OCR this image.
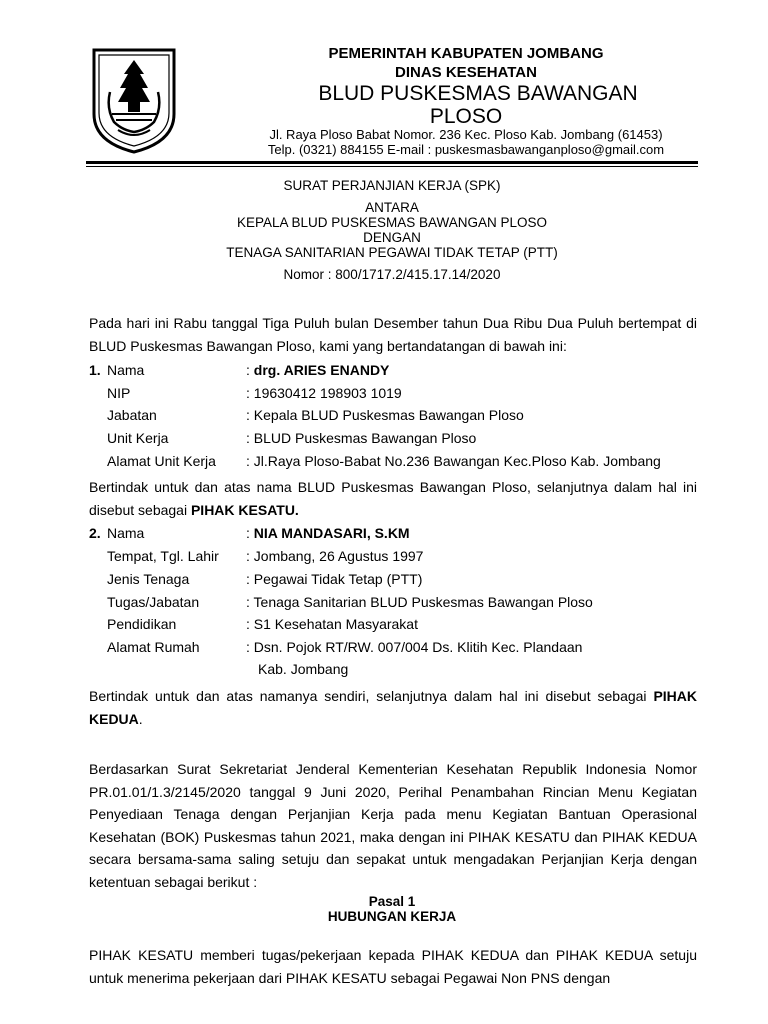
PEMERINTAH KABUPATEN JOMBANG
DINAS KESEHATAN
BLUD PUSKESMAS BAWANGAN
PLOSO
Jl. Raya Ploso Babat Nomor. 236 Kec. Ploso Kab. Jombang (61453)
Telp. (0321) 884155 E-mail : puskesmasbawanganploso@gmail.com
SURAT PERJANJIAN KERJA (SPK)
ANTARA
KEPALA BLUD PUSKESMAS BAWANGAN PLOSO
DENGAN
TENAGA SANITARIAN PEGAWAI TIDAK TETAP (PTT)
Nomor : 800/1717.2/415.17.14/2020
Pada hari ini Rabu tanggal Tiga Puluh bulan Desember tahun Dua Ribu Dua Puluh bertempat di BLUD Puskesmas Bawangan Ploso, kami yang bertandatangan di bawah ini:
1. Nama	: drg. ARIES ENANDY
NIP	: 19630412 198903 1019
Jabatan	: Kepala BLUD Puskesmas Bawangan Ploso
Unit Kerja	: BLUD Puskesmas Bawangan Ploso
Alamat Unit Kerja : Jl.Raya Ploso-Babat No.236 Bawangan Kec.Ploso Kab. Jombang
Bertindak untuk dan atas nama BLUD Puskesmas Bawangan Ploso, selanjutnya dalam hal ini disebut sebagai PIHAK KESATU.
2. Nama	: NIA MANDASARI, S.KM
Tempat, Tgl. Lahir : Jombang, 26 Agustus 1997
Jenis Tenaga	: Pegawai Tidak Tetap (PTT)
Tugas/Jabatan	: Tenaga Sanitarian BLUD Puskesmas Bawangan Ploso
Pendidikan	: S1 Kesehatan Masyarakat
Alamat Rumah	: Dsn. Pojok RT/RW. 007/004 Ds. Klitih Kec. Plandaan
Kab. Jombang
Bertindak untuk dan atas namanya sendiri, selanjutnya dalam hal ini disebut sebagai PIHAK KEDUA.
Berdasarkan Surat Sekretariat Jenderal Kementerian Kesehatan Republik Indonesia Nomor PR.01.01/1.3/2145/2020 tanggal 9 Juni 2020, Perihal Penambahan Rincian Menu Kegiatan Penyediaan Tenaga dengan Perjanjian Kerja pada menu Kegiatan Bantuan Operasional Kesehatan (BOK) Puskesmas tahun 2021, maka dengan ini PIHAK KESATU dan PIHAK KEDUA secara bersama-sama saling setuju dan sepakat untuk mengadakan Perjanjian Kerja dengan ketentuan sebagai berikut :
Pasal 1
HUBUNGAN KERJA
PIHAK KESATU memberi tugas/pekerjaan kepada PIHAK KEDUA dan PIHAK KEDUA setuju untuk menerima pekerjaan dari PIHAK KESATU sebagai Pegawai Non PNS dengan
